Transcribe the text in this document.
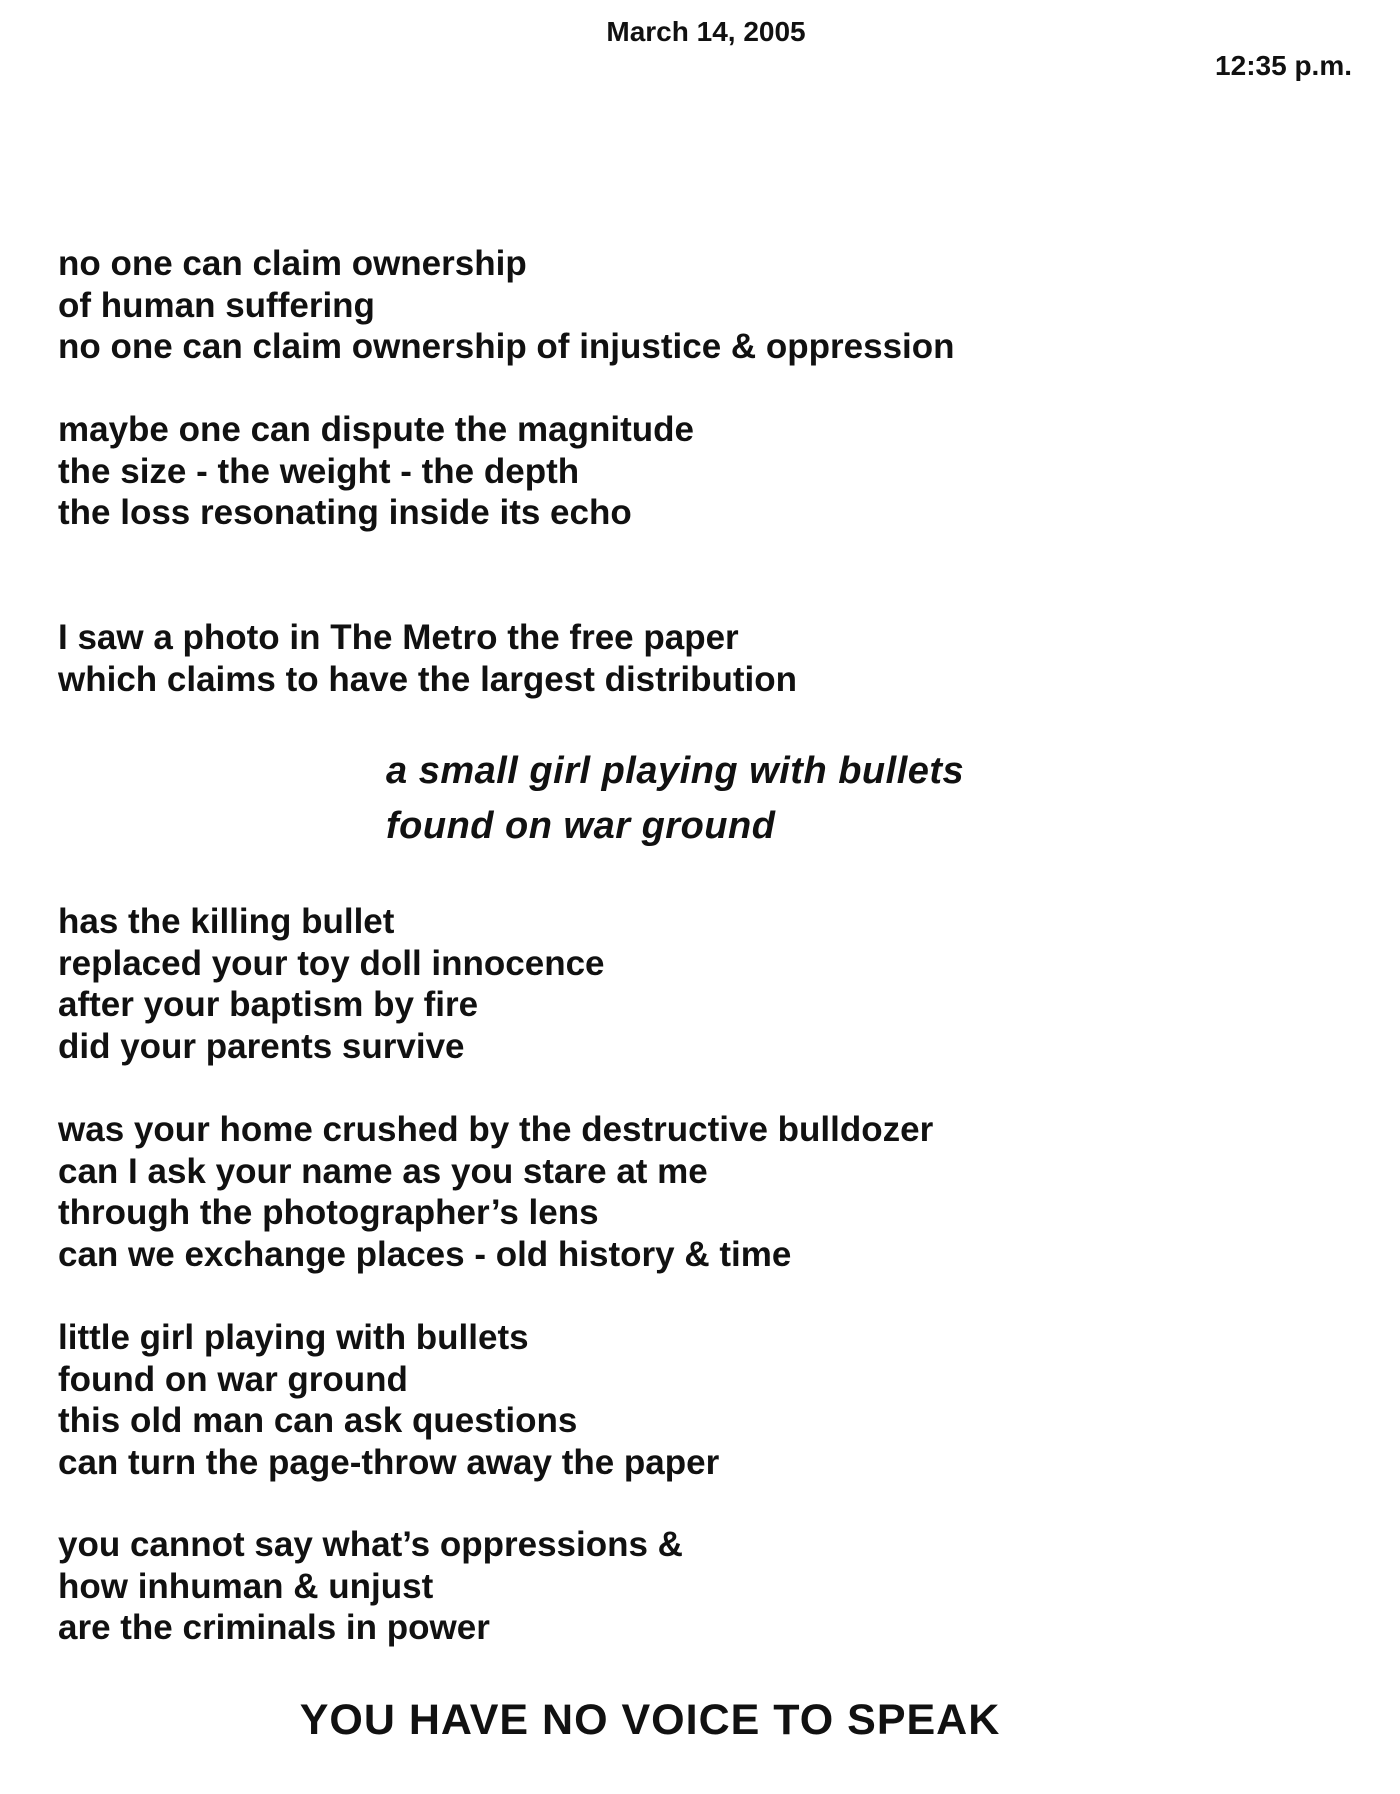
March 14, 2005
12:35 p.m.
no one can claim ownership
of human suffering
no one can claim ownership of injustice & oppression
maybe one can dispute the magnitude
the size - the weight - the depth
the loss resonating inside its echo
I saw a photo in The Metro the free paper
which claims to have the largest distribution
a small girl playing with bullets
found on war ground
has the killing bullet
replaced your toy doll innocence
after your baptism by fire
did your parents survive
was your home crushed by the destructive bulldozer
can I ask your name as you stare at me
through the photographer’s lens
can we exchange places - old history & time
little girl playing with bullets
found on war ground
this old man can ask questions
can turn the page-throw away the paper
you cannot say what’s oppressions &
how inhuman & unjust
are the criminals in power
YOU HAVE NO VOICE TO SPEAK
